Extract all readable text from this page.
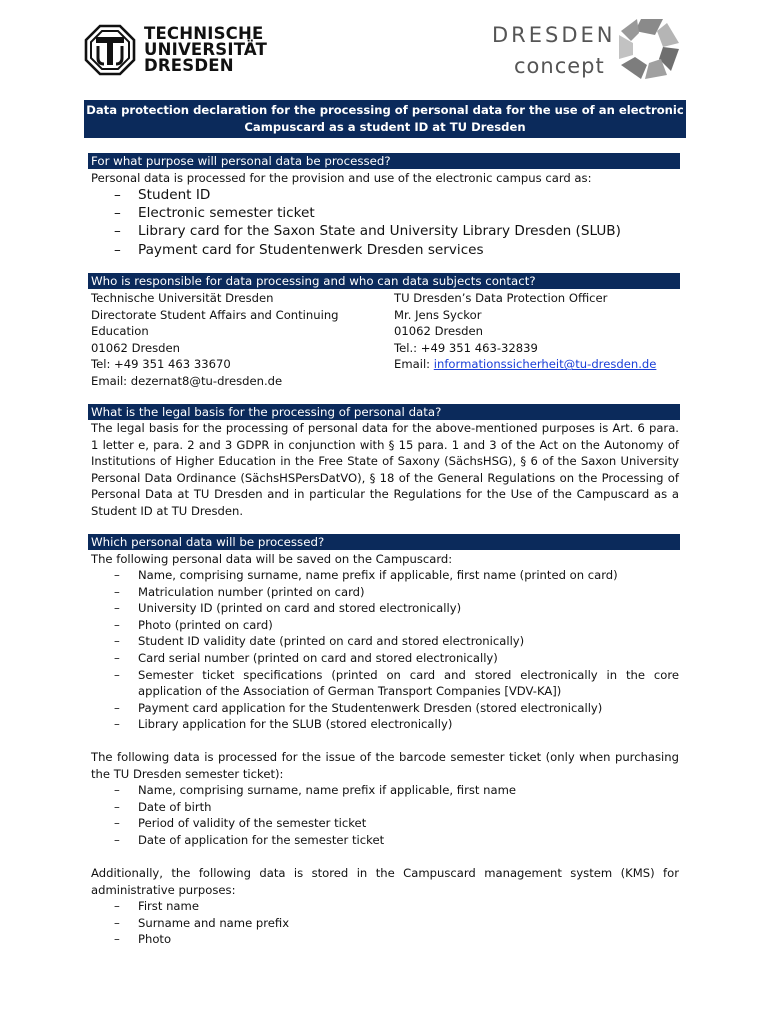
TECHNISCHE
UNIVERSITÄT
DRESDEN
DRESDEN
concept
Data protection declaration for the processing of personal data for the use of an electronic
Campuscard as a student ID at TU Dresden
For what purpose will personal data be processed?
Personal data is processed for the provision and use of the electronic campus card as:
– Student ID
– Electronic semester ticket
– Library card for the Saxon State and University Library Dresden (SLUB)
– Payment card for Studentenwerk Dresden services
Who is responsible for data processing and who can data subjects contact?
Technische Universität Dresden
Directorate Student Affairs and Continuing
Education
01062 Dresden
Tel: +49 351 463 33670
Email: dezernat8@tu-dresden.de
TU Dresden’s Data Protection Officer
Mr. Jens Syckor
01062 Dresden
Tel.: +49 351 463-32839
Email: informationssicherheit@tu-dresden.de
What is the legal basis for the processing of personal data?
The legal basis for the processing of personal data for the above-mentioned purposes is Art. 6 para. 1 letter e, para. 2 and 3 GDPR in conjunction with § 15 para. 1 and 3 of the Act on the Autonomy of Institutions of Higher Education in the Free State of Saxony (SächsHSG), § 6 of the Saxon University Personal Data Ordinance (SächsHSPersDatVO), § 18 of the General Regulations on the Processing of Personal Data at TU Dresden and in particular the Regulations for the Use of the Campuscard as a Student ID at TU Dresden.
Which personal data will be processed?
The following personal data will be saved on the Campuscard:
– Name, comprising surname, name prefix if applicable, first name (printed on card)
– Matriculation number (printed on card)
– University ID (printed on card and stored electronically)
– Photo (printed on card)
– Student ID validity date (printed on card and stored electronically)
– Card serial number (printed on card and stored electronically)
– Semester ticket specifications (printed on card and stored electronically in the core application of the Association of German Transport Companies [VDV-KA])
– Payment card application for the Studentenwerk Dresden (stored electronically)
– Library application for the SLUB (stored electronically)
The following data is processed for the issue of the barcode semester ticket (only when purchasing the TU Dresden semester ticket):
– Name, comprising surname, name prefix if applicable, first name
– Date of birth
– Period of validity of the semester ticket
– Date of application for the semester ticket
Additionally, the following data is stored in the Campuscard management system (KMS) for administrative purposes:
– First name
– Surname and name prefix
– Photo
